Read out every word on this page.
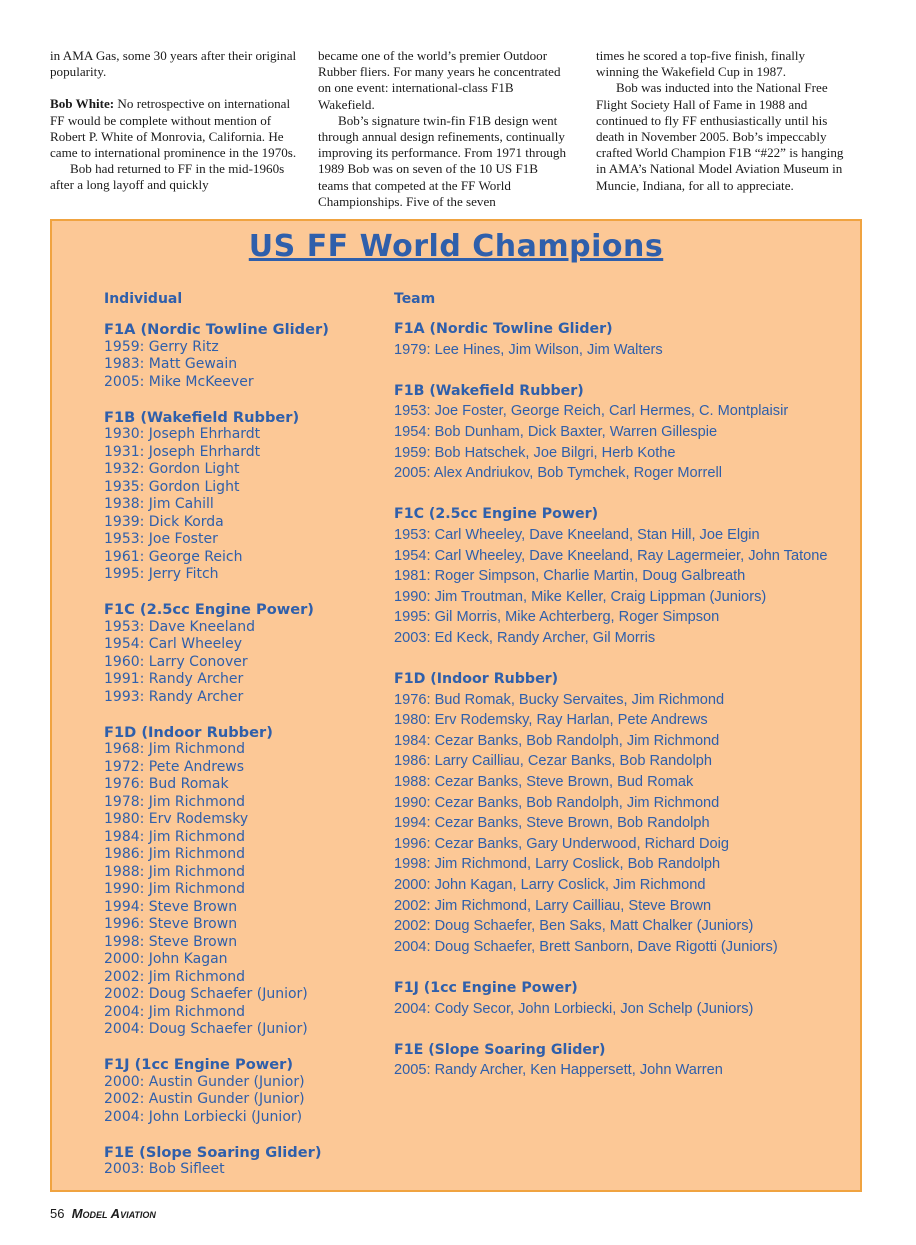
in AMA Gas, some 30 years after their original popularity.

Bob White: No retrospective on international FF would be complete without mention of Robert P. White of Monrovia, California. He came to international prominence in the 1970s.

Bob had returned to FF in the mid-1960s after a long layoff and quickly

became one of the world’s premier Outdoor Rubber fliers. For many years he concentrated on one event: international-class F1B Wakefield.

Bob’s signature twin-fin F1B design went through annual design refinements, continually improving its performance. From 1971 through 1989 Bob was on seven of the 10 US F1B teams that competed at the FF World Championships. Five of the seven

times he scored a top-five finish, finally winning the Wakefield Cup in 1987.

Bob was inducted into the National Free Flight Society Hall of Fame in 1988 and continued to fly FF enthusiastically until his death in November 2005. Bob’s impeccably crafted World Champion F1B “#22” is hanging in AMA’s National Model Aviation Museum in Muncie, Indiana, for all to appreciate.

US FF World Champions
Individual	Team
F1A (Nordic Towline Glider)
1959: Gerry Ritz
1983: Matt Gewain
2005: Mike McKeever
F1B (Wakefield Rubber)
1930: Joseph Ehrhardt
1931: Joseph Ehrhardt
1932: Gordon Light
1935: Gordon Light
1938: Jim Cahill
1939: Dick Korda
1953: Joe Foster
1961: George Reich
1995: Jerry Fitch
F1C (2.5cc Engine Power)
1953: Dave Kneeland
1954: Carl Wheeley
1960: Larry Conover
1991: Randy Archer
1993: Randy Archer
F1D (Indoor Rubber)
1968: Jim Richmond
1972: Pete Andrews
1976: Bud Romak
1978: Jim Richmond
1980: Erv Rodemsky
1984: Jim Richmond
1986: Jim Richmond
1988: Jim Richmond
1990: Jim Richmond
1994: Steve Brown
1996: Steve Brown
1998: Steve Brown
2000: John Kagan
2002: Jim Richmond
2002: Doug Schaefer (Junior)
2004: Jim Richmond
2004: Doug Schaefer (Junior)
F1J (1cc Engine Power)
2000: Austin Gunder (Junior)
2002: Austin Gunder (Junior)
2004: John Lorbiecki (Junior)
F1E (Slope Soaring Glider)
2003: Bob Sifleet
F1A (Nordic Towline Glider)
1979: Lee Hines, Jim Wilson, Jim Walters
F1B (Wakefield Rubber)
1953: Joe Foster, George Reich, Carl Hermes, C. Montplaisir
1954: Bob Dunham, Dick Baxter, Warren Gillespie
1959: Bob Hatschek, Joe Bilgri, Herb Kothe
2005: Alex Andriukov, Bob Tymchek, Roger Morrell
F1C (2.5cc Engine Power)
1953: Carl Wheeley, Dave Kneeland, Stan Hill, Joe Elgin
1954: Carl Wheeley, Dave Kneeland, Ray Lagermeier, John Tatone
1981: Roger Simpson, Charlie Martin, Doug Galbreath
1990: Jim Troutman, Mike Keller, Craig Lippman (Juniors)
1995: Gil Morris, Mike Achterberg, Roger Simpson
2003: Ed Keck, Randy Archer, Gil Morris
F1D (Indoor Rubber)
1976: Bud Romak, Bucky Servaites, Jim Richmond
1980: Erv Rodemsky, Ray Harlan, Pete Andrews
1984: Cezar Banks, Bob Randolph, Jim Richmond
1986: Larry Cailliau, Cezar Banks, Bob Randolph
1988: Cezar Banks, Steve Brown, Bud Romak
1990: Cezar Banks, Bob Randolph, Jim Richmond
1994: Cezar Banks, Steve Brown, Bob Randolph
1996: Cezar Banks, Gary Underwood, Richard Doig
1998: Jim Richmond, Larry Coslick, Bob Randolph
2000: John Kagan, Larry Coslick, Jim Richmond
2002: Jim Richmond, Larry Cailliau, Steve Brown
2002: Doug Schaefer, Ben Saks, Matt Chalker (Juniors)
2004: Doug Schaefer, Brett Sanborn, Dave Rigotti (Juniors)
F1J (1cc Engine Power)
2004: Cody Secor, John Lorbiecki, Jon Schelp (Juniors)
F1E (Slope Soaring Glider)
2005: Randy Archer, Ken Happersett, John Warren
56 Model Aviation
